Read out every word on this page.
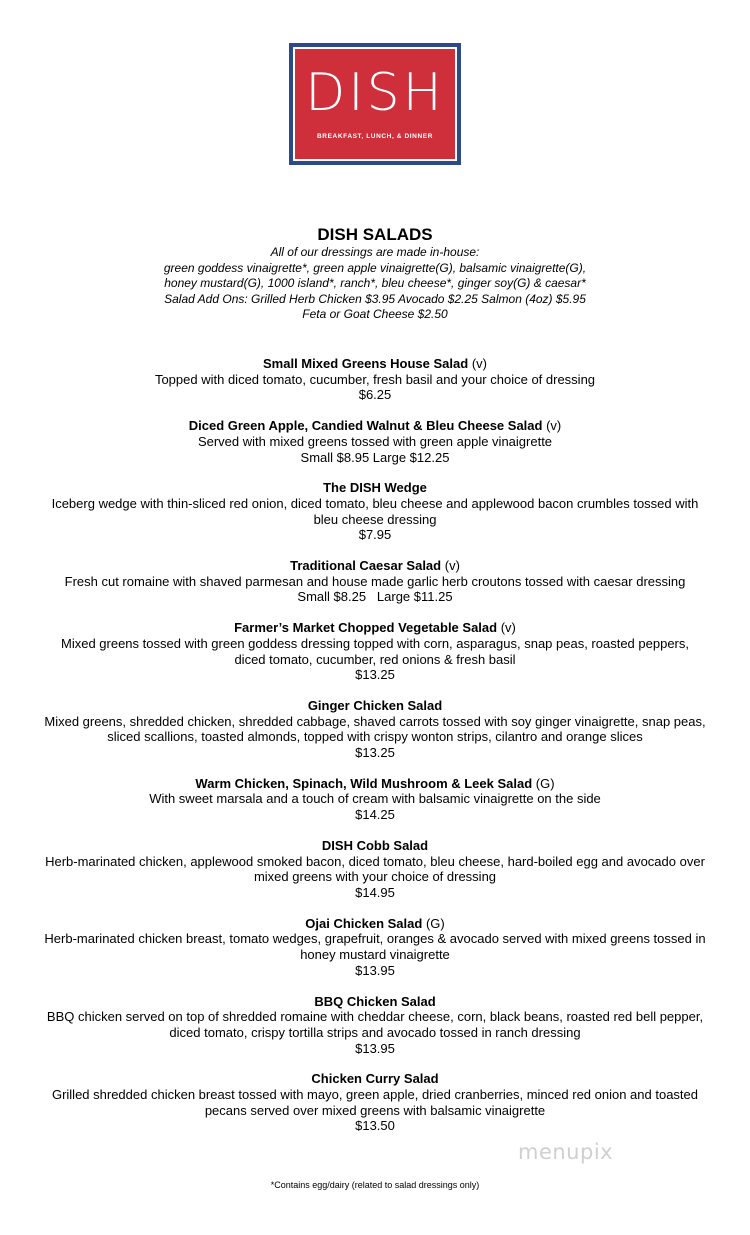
DISH
BREAKFAST, LUNCH, & DINNER
DISH SALADS
All of our dressings are made in-house:
green goddess vinaigrette*, green apple vinaigrette(G), balsamic vinaigrette(G),
honey mustard(G), 1000 island*, ranch*, bleu cheese*, ginger soy(G) & caesar*
Salad Add Ons: Grilled Herb Chicken $3.95 Avocado $2.25 Salmon (4oz) $5.95
Feta or Goat Cheese $2.50
Small Mixed Greens House Salad (v)
Topped with diced tomato, cucumber, fresh basil and your choice of dressing
$6.25
Diced Green Apple, Candied Walnut & Bleu Cheese Salad (v)
Served with mixed greens tossed with green apple vinaigrette
Small $8.95 Large $12.25
The DISH Wedge
Iceberg wedge with thin-sliced red onion, diced tomato, bleu cheese and applewood bacon crumbles tossed with bleu cheese dressing
$7.95
Traditional Caesar Salad (v)
Fresh cut romaine with shaved parmesan and house made garlic herb croutons tossed with caesar dressing
Small $8.25   Large $11.25
Farmer’s Market Chopped Vegetable Salad (v)
Mixed greens tossed with green goddess dressing topped with corn, asparagus, snap peas, roasted peppers, diced tomato, cucumber, red onions & fresh basil
$13.25
Ginger Chicken Salad
Mixed greens, shredded chicken, shredded cabbage, shaved carrots tossed with soy ginger vinaigrette, snap peas, sliced scallions, toasted almonds, topped with crispy wonton strips, cilantro and orange slices
$13.25
Warm Chicken, Spinach, Wild Mushroom & Leek Salad (G)
With sweet marsala and a touch of cream with balsamic vinaigrette on the side
$14.25
DISH Cobb Salad
Herb-marinated chicken, applewood smoked bacon, diced tomato, bleu cheese, hard-boiled egg and avocado over mixed greens with your choice of dressing
$14.95
Ojai Chicken Salad (G)
Herb-marinated chicken breast, tomato wedges, grapefruit, oranges & avocado served with mixed greens tossed in honey mustard vinaigrette
$13.95
BBQ Chicken Salad
BBQ chicken served on top of shredded romaine with cheddar cheese, corn, black beans, roasted red bell pepper, diced tomato, crispy tortilla strips and avocado tossed in ranch dressing
$13.95
Chicken Curry Salad
Grilled shredded chicken breast tossed with mayo, green apple, dried cranberries, minced red onion and toasted pecans served over mixed greens with balsamic vinaigrette
$13.50
menupix
*Contains egg/dairy (related to salad dressings only)
